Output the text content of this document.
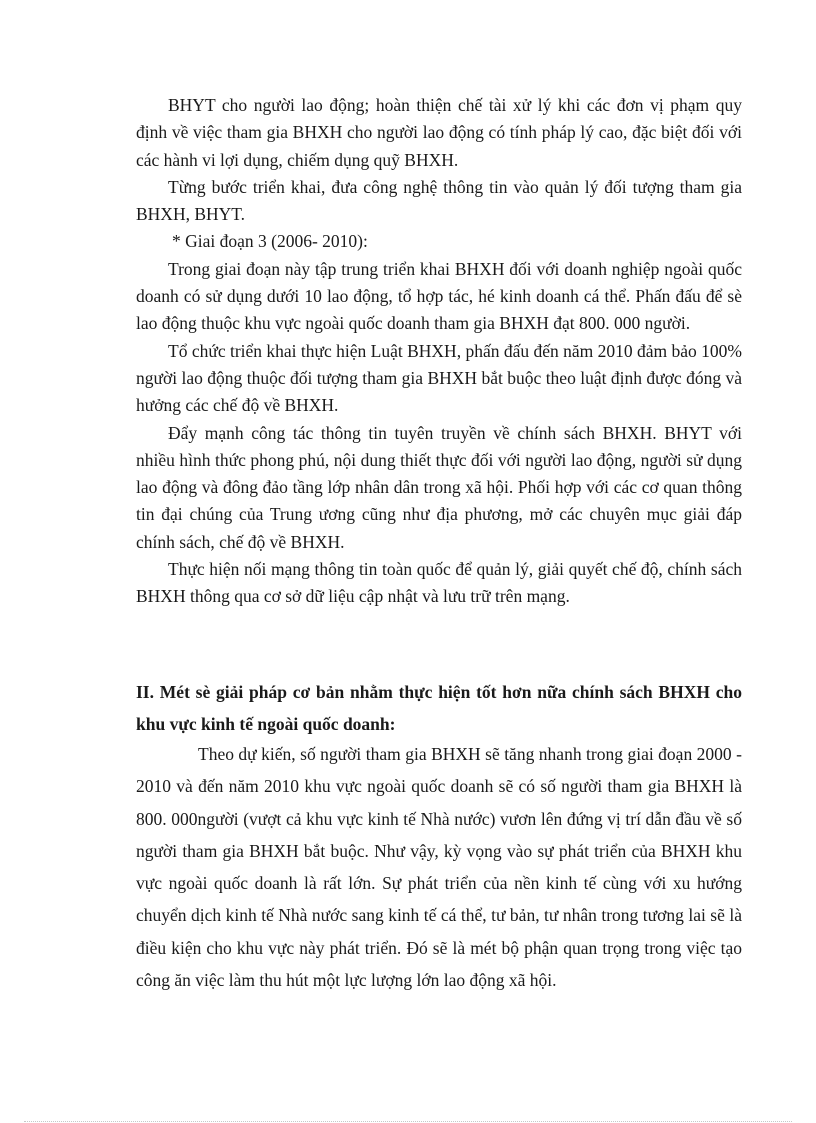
BHYT cho người lao động; hoàn thiện chế tài xử lý khi các đơn vị phạm quy định về việc tham gia BHXH cho người lao động có tính pháp lý cao, đặc biệt đối với các hành vi lợi dụng, chiếm dụng quỹ BHXH.

Từng bước triển khai, đưa công nghệ thông tin vào quản lý đối tượng tham gia BHXH, BHYT.

* Giai đoạn 3 (2006- 2010):

Trong giai đoạn này tập trung triển khai BHXH đối với doanh nghiệp ngoài quốc doanh có sử dụng dưới 10 lao động, tổ hợp tác, hé kinh doanh cá thể. Phấn đấu để sè lao động thuộc khu vực ngoài quốc doanh tham gia BHXH đạt 800. 000 người.

Tổ chức triển khai thực hiện Luật BHXH, phấn đấu đến năm 2010 đảm bảo 100% người lao động thuộc đối tượng tham gia BHXH bắt buộc theo luật định được đóng và hưởng các chế độ về BHXH.

Đẩy mạnh công tác thông tin tuyên truyền về chính sách BHXH. BHYT với nhiều hình thức phong phú, nội dung thiết thực đối với người lao động, người sử dụng lao động và đông đảo tầng lớp nhân dân trong xã hội. Phối hợp với các cơ quan thông tin đại chúng của Trung ương cũng như địa phương, mở các chuyên mục giải đáp chính sách, chế độ về BHXH.

Thực hiện nối mạng thông tin toàn quốc để quản lý, giải quyết chế độ, chính sách BHXH thông qua cơ sở dữ liệu cập nhật và lưu trữ trên mạng.

II. Mét sè giải pháp cơ bản nhằm thực hiện tốt hơn nữa chính sách BHXH cho khu vực kinh tế ngoài quốc doanh:

Theo dự kiến, số người tham gia BHXH sẽ tăng nhanh trong giai đoạn 2000 - 2010 và đến năm 2010 khu vực ngoài quốc doanh sẽ có số người tham gia BHXH là 800. 000người (vượt cả khu vực kinh tế Nhà nước) vươn lên đứng vị trí dẫn đầu về số người tham gia BHXH bắt buộc. Như vậy, kỳ vọng vào sự phát triển của BHXH khu vực ngoài quốc doanh là rất lớn. Sự phát triển của nền kinh tế cùng với xu hướng chuyển dịch kinh tế Nhà nước sang kinh tế cá thể, tư bản, tư nhân trong tương lai sẽ là điều kiện cho khu vực này phát triển. Đó sẽ là mét bộ phận quan trọng trong việc tạo công ăn việc làm thu hút một lực lượng lớn lao động xã hội.
